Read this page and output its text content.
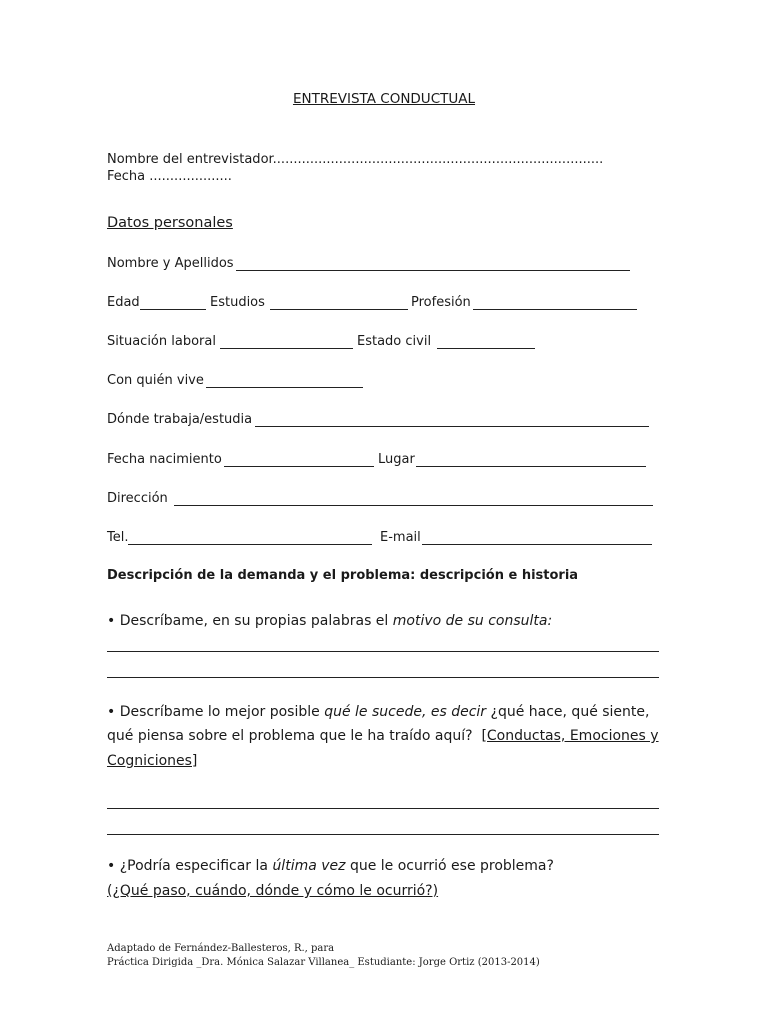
ENTREVISTA CONDUCTUAL
Nombre del entrevistador................................................................................
Fecha ....................
Datos personales
Nombre y Apellidos
Edad	Estudios	Profesión
Situación laboral	Estado civil
Con quién vive
Dónde trabaja/estudia
Fecha nacimiento	Lugar
Dirección
Tel.	E-mail
Descripción de la demanda y el problema: descripción e historia
• Descríbame, en su propias palabras el motivo de su consulta:
• Descríbame lo mejor posible qué le sucede, es decir ¿qué hace, qué siente,
qué piensa sobre el problema que le ha traído aquí? [Conductas, Emociones y
Cogniciones]
• ¿Podría especificar la última vez que le ocurrió ese problema?
(¿Qué paso, cuándo, dónde y cómo le ocurrió?)
Adaptado de Fernández-Ballesteros, R., para
Práctica Dirigida _Dra. Mónica Salazar Villanea_ Estudiante: Jorge Ortiz (2013-2014)
